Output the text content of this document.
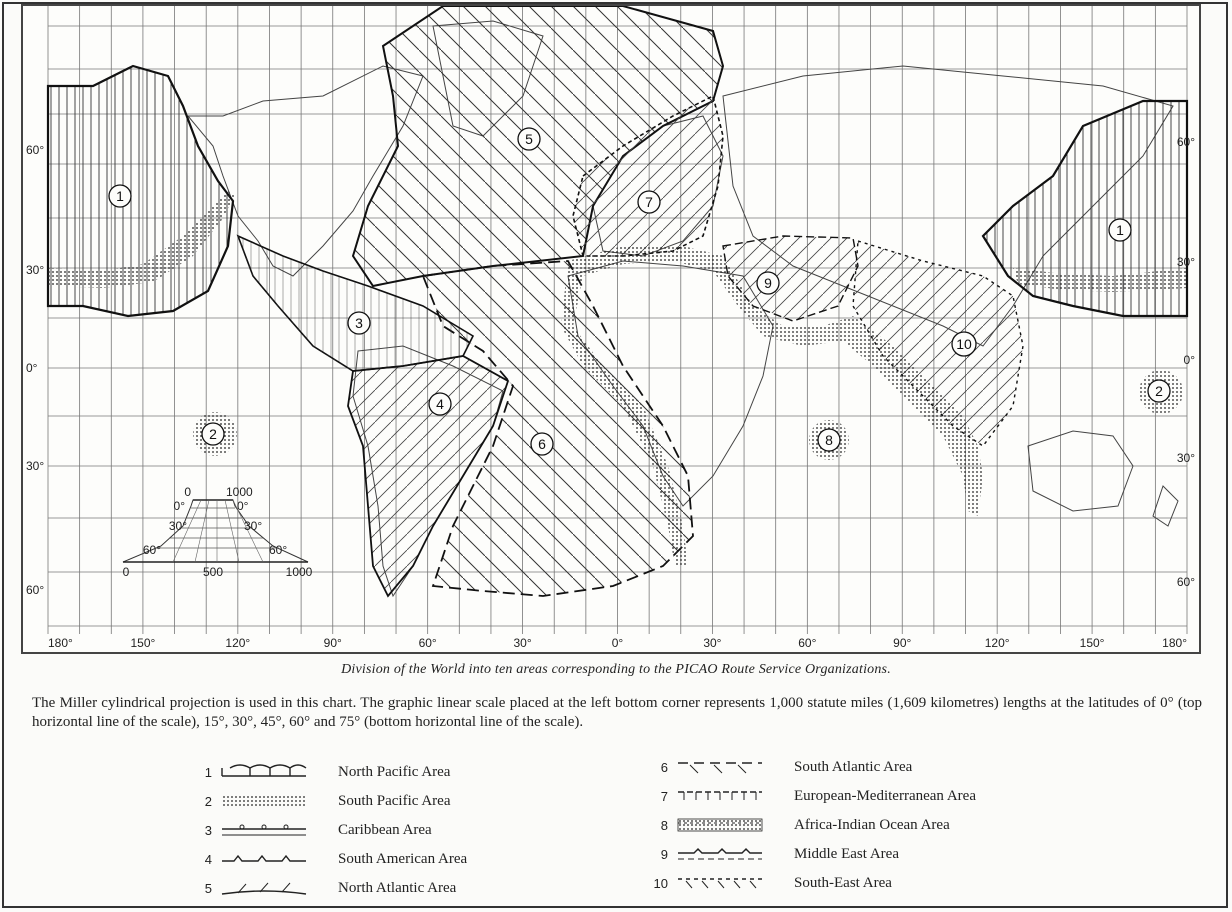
1
1
2
2
3
4
5
6
7
8
9
10
0	1000
0°	0°
30°	30°
60°	60°
0	500	1000
60°
30°
0°
30°
60°
60°
30°
0°
30°
60°
180°	150°	120°	90°	60°	30°	0°	30°	60°	90°	120°	150°	180°
Division of the World into ten areas corresponding to the PICAO Route Service Organizations.
The Miller cylindrical projection is used in this chart. The graphic linear scale placed at the left bottom corner represents 1,000 statute miles (1,609 kilometres) lengths at the latitudes of 0° (top horizontal line of the scale), 15°, 30°, 45°, 60° and 75° (bottom horizontal line of the scale).
1	North Pacific Area
2	South Pacific Area
3	Caribbean Area
4	South American Area
5	North Atlantic Area
6	South Atlantic Area
7	European-Mediterranean Area
8	Africa-Indian Ocean Area
9	Middle East Area
10	South-East Area
